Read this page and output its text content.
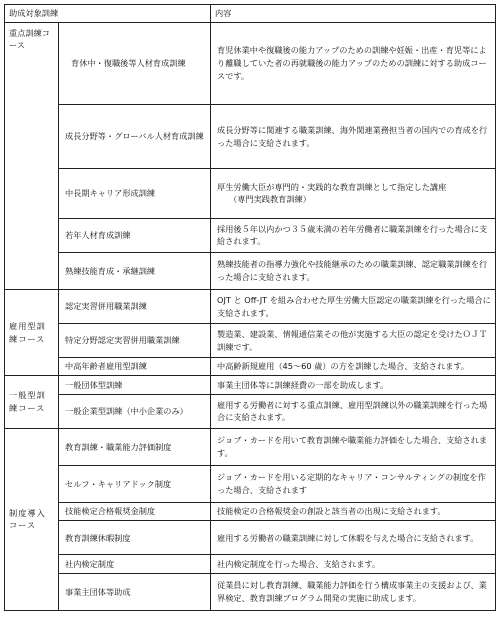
助成対象訓練		内容
重点訓練コース	育休中・復職後等人材育成訓練	育児休業中や復職後の能力アップのための訓練や妊娠・出産・育児等により離職していた者の再就職後の能力アップのための訓練に対する助成コースです。
	成長分野等・グローバル人材育成訓練	成長分野等に関連する職業訓練、海外関連業務担当者の国内での育成を行った場合に支給されます。
	中長期キャリア形成訓練	厚生労働大臣が専門的・実践的な教育訓練として指定した講座

（専門実践教育訓練）

	若年人材育成訓練	採用後５年以内かつ３５歳未満の若年労働者に職業訓練を行った場合に支給されます。
	熟練技能育成・承継訓練	熟練技能者の指導力強化や技能継承のための職業訓練、認定職業訓練を行った場合に支給されます。
雇用型訓練コース	認定実習併用職業訓練	OJT と Off-JT を組み合わせた厚生労働大臣認定の職業訓練を行った場合に支給されます。
	特定分野認定実習併用職業訓練	製造業、建設業、情報通信業その他が実施する大臣の認定を受けたＯＪＴ訓練です。
	中高年齢者雇用型訓練	中高齢新規雇用（45～60 歳）の方を訓練した場合、支給されます。
一般型訓練コース	一般団体型訓練	事業主団体等に訓練経費の一部を助成します。
	一般企業型訓練（中小企業のみ）	雇用する労働者に対する重点訓練、雇用型訓練以外の職業訓練を行った場合に支給されます。
制度導入コース	教育訓練・職業能力評価制度	ジョブ・カードを用いて教育訓練や職業能力評価をした場合、支給されます。
	セルフ・キャリアドック制度	ジョブ・カードを用いる定期的なキャリア・コンサルティングの制度を作った場合、支給されます
	技能検定合格報奨金制度	技能検定の合格報奨金の創設と該当者の出現に支給されます。
	教育訓練休暇制度	雇用する労働者の職業訓練に対して休暇を与えた場合に支給されます。
	社内検定制度	社内検定制度を行った場合、支給されます。
	事業主団体等助成	従業員に対し教育訓練、職業能力評価を行う構成事業主の支援および、業界検定、教育訓練プログラム開発の実施に助成します。
